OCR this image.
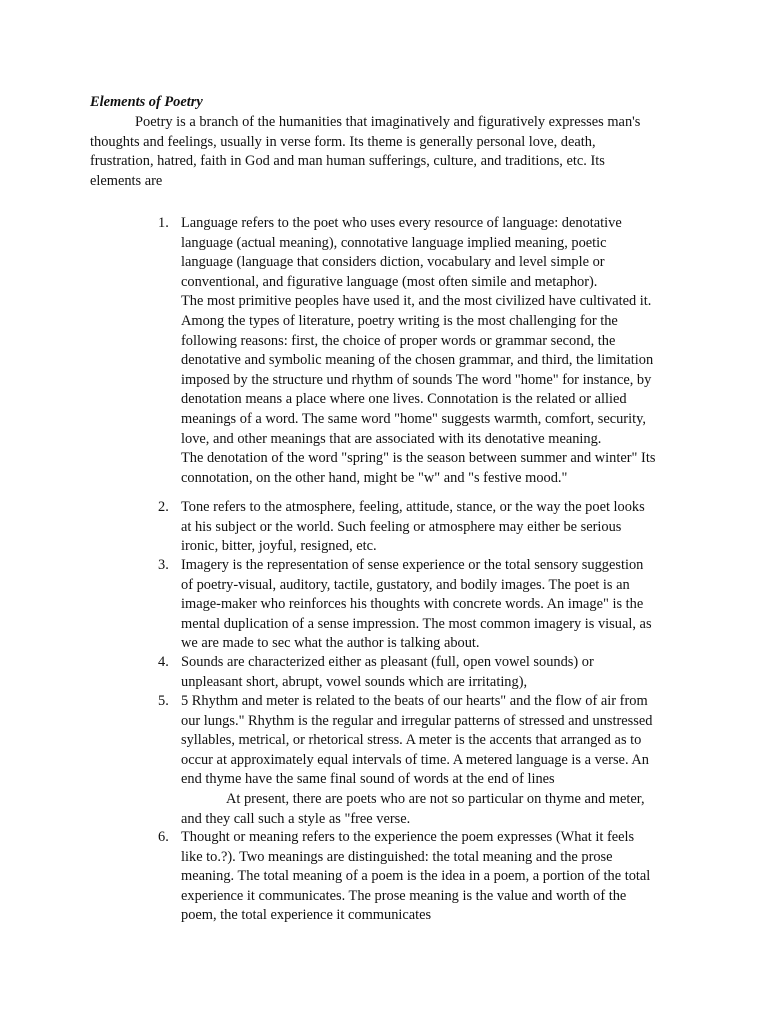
Elements of Poetry
Poetry is a branch of the humanities that imaginatively and figuratively expresses man's
thoughts and feelings, usually in verse form. Its theme is generally personal love, death,
frustration, hatred, faith in God and man human sufferings, culture, and traditions, etc. Its
elements are
1. Language refers to the poet who uses every resource of language: denotative
language (actual meaning), connotative language implied meaning, poetic
language (language that considers diction, vocabulary and level simple or
conventional, and figurative language (most often simile and metaphor).
The most primitive peoples have used it, and the most civilized have cultivated it.
Among the types of literature, poetry writing is the most challenging for the
following reasons: first, the choice of proper words or grammar second, the
denotative and symbolic meaning of the chosen grammar, and third, the limitation
imposed by the structure und rhythm of sounds The word "home" for instance, by
denotation means a place where one lives. Connotation is the related or allied
meanings of a word. The same word "home" suggests warmth, comfort, security,
love, and other meanings that are associated with its denotative meaning.
The denotation of the word "spring" is the season between summer and winter" Its
connotation, on the other hand, might be "w" and "s festive mood."
2. Tone refers to the atmosphere, feeling, attitude, stance, or the way the poet looks
at his subject or the world. Such feeling or atmosphere may either be serious
ironic, bitter, joyful, resigned, etc.
3. Imagery is the representation of sense experience or the total sensory suggestion
of poetry-visual, auditory, tactile, gustatory, and bodily images. The poet is an
image-maker who reinforces his thoughts with concrete words. An image" is the
mental duplication of a sense impression. The most common imagery is visual, as
we are made to sec what the author is talking about.
4. Sounds are characterized either as pleasant (full, open vowel sounds) or
unpleasant short, abrupt, vowel sounds which are irritating),
5. 5 Rhythm and meter is related to the beats of our hearts" and the flow of air from
our lungs." Rhythm is the regular and irregular patterns of stressed and unstressed
syllables, metrical, or rhetorical stress. A meter is the accents that arranged as to
occur at approximately equal intervals of time. A metered language is a verse. An
end thyme have the same final sound of words at the end of lines
At present, there are poets who are not so particular on thyme and meter,
and they call such a style as "free verse.
6. Thought or meaning refers to the experience the poem expresses (What it feels
like to.?). Two meanings are distinguished: the total meaning and the prose
meaning. The total meaning of a poem is the idea in a poem, a portion of the total
experience it communicates. The prose meaning is the value and worth of the
poem, the total experience it communicates
